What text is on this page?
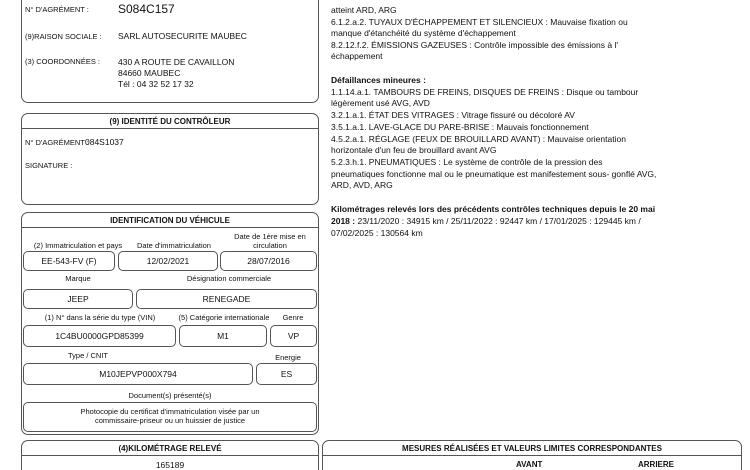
N° D'AGRÉMENT : S084C157
(9)RAISON SOCIALE : SARL AUTOSECURITE MAUBEC
(3) COORDONNÉES : 430 A ROUTE DE CAVAILLON
84660 MAUBEC
Tél : 04 32 52 17 32
(9) IDENTITÉ DU CONTRÔLEUR
N° D'AGRÉMENT :
084S1037
SIGNATURE :
IDENTIFICATION DU VÉHICULE
(2) Immatriculation et pays	Date d'immatriculation
Date de 1ère mise en circulation
EE-543-FV (F)	12/02/2021	28/07/2016
Marque	Désignation commerciale
JEEP	RENEGADE
(1) N° dans la série du type (VIN)	(5) Catégorie internationale	Genre
1C4BU0000GPD85399	M1	VP
Type / CNIT	Energie
M10JEPVP000X794	ES
Document(s) présenté(s)
Photocopie du certificat d'immatriculation visée par un commissaire-priseur ou un huissier de justice
(4)KILOMÉTRAGE RELEVÉ
165189
atteint ARD, ARG
6.1.2.a.2. TUYAUX D'ÉCHAPPEMENT ET SILENCIEUX : Mauvaise fixation ou
manque d'étanchéité du système d'échappement
8.2.12.f.2. ÉMISSIONS GAZEUSES : Contrôle impossible des émissions à l'
échappement
Défaillances mineures :
1.1.14.a.1. TAMBOURS DE FREINS, DISQUES DE FREINS : Disque ou tambour
légèrement usé AVG, AVD
3.2.1.a.1. ÉTAT DES VITRAGES : Vitrage fissuré ou décoloré AV
3.5.1.a.1. LAVE-GLACE DU PARE-BRISE : Mauvais fonctionnement
4.5.2.a.1. RÉGLAGE (FEUX DE BROUILLARD AVANT) : Mauvaise orientation
horizontale d'un feu de brouillard avant AVG
5.2.3.h.1. PNEUMATIQUES : Le système de contrôle de la pression des
pneumatiques fonctionne mal ou le pneumatique est manifestement sous- gonflé AVG,
ARD, AVD, ARG
Kilométrages relevés lors des précédents contrôles techniques depuis le 20 mai
2018 : 23/11/2020 : 34915 km / 25/11/2022 : 92447 km / 17/01/2025 : 129445 km /
07/02/2025 : 130564 km
MESURES RÉALISÉES ET VALEURS LIMITES CORRESPONDANTES
AVANT	ARRIERE
